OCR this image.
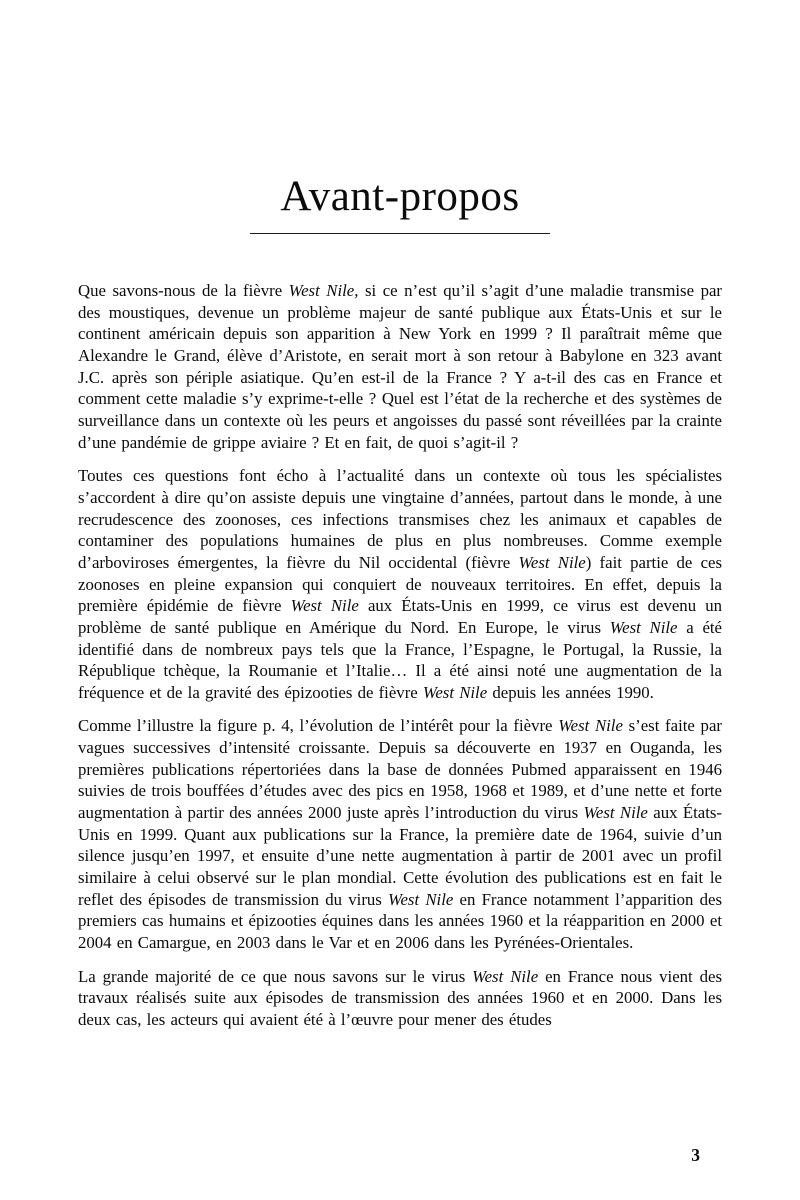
Avant-propos

Que savons-nous de la fièvre West Nile, si ce n’est qu’il s’agit d’une maladie transmise par des moustiques, devenue un problème majeur de santé publique aux États-Unis et sur le continent américain depuis son apparition à New York en 1999 ? Il paraîtrait même que Alexandre le Grand, élève d’Aristote, en serait mort à son retour à Babylone en 323 avant J.C. après son périple asiatique. Qu’en est-il de la France ? Y a-t-il des cas en France et comment cette maladie s’y exprime-t-elle ? Quel est l’état de la recherche et des systèmes de surveillance dans un contexte où les peurs et angoisses du passé sont réveillées par la crainte d’une pandémie de grippe aviaire ? Et en fait, de quoi s’agit-il ?

Toutes ces questions font écho à l’actualité dans un contexte où tous les spécialistes s’accordent à dire qu’on assiste depuis une vingtaine d’années, partout dans le monde, à une recrudescence des zoonoses, ces infections transmises chez les animaux et capables de contaminer des populations humaines de plus en plus nombreuses. Comme exemple d’arboviroses émergentes, la fièvre du Nil occidental (fièvre West Nile) fait partie de ces zoonoses en pleine expansion qui conquiert de nouveaux territoires. En effet, depuis la première épidémie de fièvre West Nile aux États-Unis en 1999, ce virus est devenu un problème de santé publique en Amérique du Nord. En Europe, le virus West Nile a été identifié dans de nombreux pays tels que la France, l’Espagne, le Portugal, la Russie, la République tchèque, la Roumanie et l’Italie… Il a été ainsi noté une augmentation de la fréquence et de la gravité des épizooties de fièvre West Nile depuis les années 1990.

Comme l’illustre la figure p. 4, l’évolution de l’intérêt pour la fièvre West Nile s’est faite par vagues successives d’intensité croissante. Depuis sa découverte en 1937 en Ouganda, les premières publications répertoriées dans la base de données Pubmed apparaissent en 1946 suivies de trois bouffées d’études avec des pics en 1958, 1968 et 1989, et d’une nette et forte augmentation à partir des années 2000 juste après l’introduction du virus West Nile aux États-Unis en 1999. Quant aux publications sur la France, la première date de 1964, suivie d’un silence jusqu’en 1997, et ensuite d’une nette augmentation à partir de 2001 avec un profil similaire à celui observé sur le plan mondial. Cette évolution des publications est en fait le reflet des épisodes de transmission du virus West Nile en France notamment l’apparition des premiers cas humains et épizooties équines dans les années 1960 et la réapparition en 2000 et 2004 en Camargue, en 2003 dans le Var et en 2006 dans les Pyrénées-Orientales.

La grande majorité de ce que nous savons sur le virus West Nile en France nous vient des travaux réalisés suite aux épisodes de transmission des années 1960 et en 2000. Dans les deux cas, les acteurs qui avaient été à l’œuvre pour mener des études

3
